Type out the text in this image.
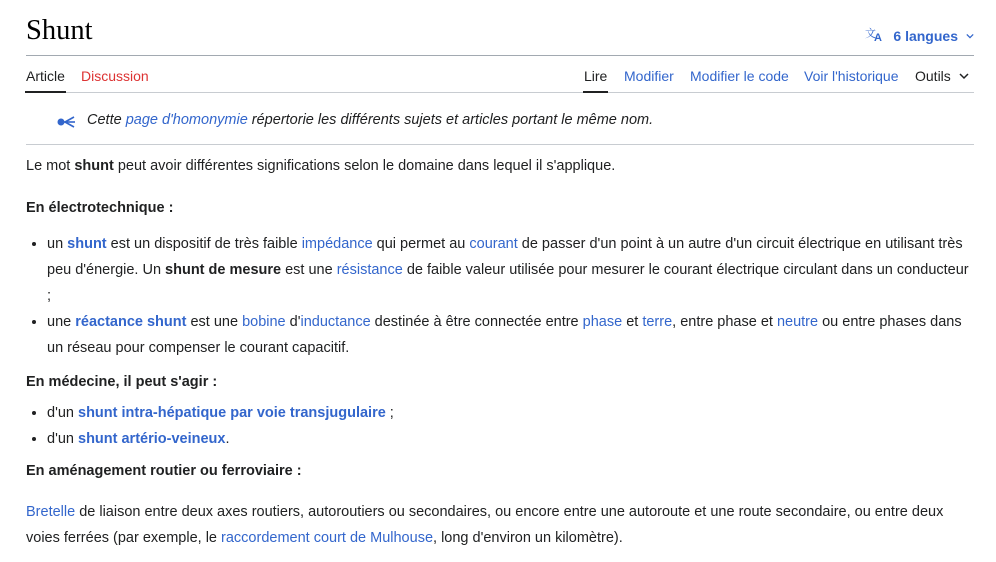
Shunt	文
A 6 langues
Article Discussion	Lire Modifier Modifier le code Voir l'historique Outils
Cette page d'homonymie répertorie les différents sujets et articles portant le même nom.

Le mot shunt peut avoir différentes significations selon le domaine dans lequel il s'applique.

En électrotechnique :

• un shunt est un dispositif de très faible impédance qui permet au courant de passer d'un point à un autre d'un circuit électrique en utilisant très peu d'énergie. Un shunt de mesure est une résistance de faible valeur utilisée pour mesurer le courant électrique circulant dans un conducteur ;
• une réactance shunt est une bobine d'inductance destinée à être connectée entre phase et terre, entre phase et neutre ou entre phases dans un réseau pour compenser le courant capacitif.

En médecine, il peut s'agir :

• d'un shunt intra-hépatique par voie transjugulaire ;
• d'un shunt artério-veineux.

En aménagement routier ou ferroviaire :

Bretelle de liaison entre deux axes routiers, autoroutiers ou secondaires, ou encore entre une autoroute et une route secondaire, ou entre deux voies ferrées (par exemple, le raccordement court de Mulhouse, long d'environ un kilomètre).
